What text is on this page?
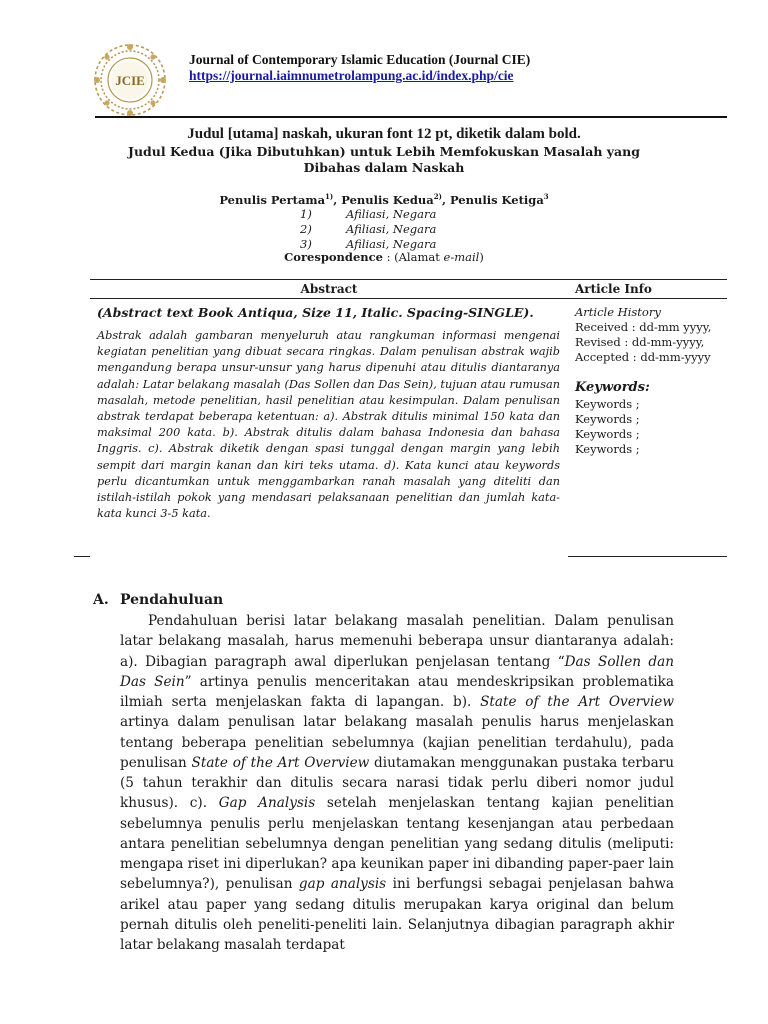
JCIE
Journal of Contemporary Islamic Education (Journal CIE)
https://journal.iaimnumetrolampung.ac.id/index.php/cie
Judul [utama] naskah, ukuran font 12 pt, diketik dalam bold.
Judul Kedua (Jika Dibutuhkan) untuk Lebih Memfokuskan Masalah yang Dibahas dalam Naskah
Penulis Pertama$^{1)}$, Penulis Kedua$^{2)}$, Penulis Ketiga$^3$
1)	Afiliasi, Negara
2)	Afiliasi, Negara
3)	Afiliasi, Negara
Corespondence : (Alamat e-mail)
Abstract	Article Info
(Abstract text Book Antiqua, Size 11, Italic. Spacing-SINGLE).
Abstrak adalah gambaran menyeluruh atau rangkuman informasi mengenai kegiatan penelitian yang dibuat secara ringkas. Dalam penulisan abstrak wajib mengandung berapa unsur-unsur yang harus dipenuhi atau ditulis diantaranya adalah: Latar belakang masalah (Das Sollen dan Das Sein), tujuan atau rumusan masalah, metode penelitian, hasil penelitian atau kesimpulan. Dalam penulisan abstrak terdapat beberapa ketentuan: a). Abstrak ditulis minimal 150 kata dan maksimal 200 kata. b). Abstrak ditulis dalam bahasa Indonesia dan bahasa Inggris. c). Abstrak diketik dengan spasi tunggal dengan margin yang lebih sempit dari margin kanan dan kiri teks utama. d). Kata kunci atau keywords perlu dicantumkan untuk menggambarkan ranah masalah yang diteliti dan istilah-istilah pokok yang mendasari pelaksanaan penelitian dan jumlah kata-kata kunci 3-5 kata.
Article History
Received : dd-mm yyyy,
Revised : dd-mm-yyyy,
Accepted : dd-mm-yyyy
Keywords:
Keywords ;
Keywords ;
Keywords ;
Keywords ;
A. Pendahuluan
Pendahuluan berisi latar belakang masalah penelitian. Dalam penulisan latar belakang masalah, harus memenuhi beberapa unsur diantaranya adalah: a). Dibagian paragraph awal diperlukan penjelasan tentang “Das Sollen dan Das Sein” artinya penulis menceritakan atau mendeskripsikan problematika ilmiah serta menjelaskan fakta di lapangan. b). State of the Art Overview artinya dalam penulisan latar belakang masalah penulis harus menjelaskan tentang beberapa penelitian sebelumnya (kajian penelitian terdahulu), pada penulisan State of the Art Overview diutamakan menggunakan pustaka terbaru (5 tahun terakhir dan ditulis secara narasi tidak perlu diberi nomor judul khusus). c). Gap Analysis setelah menjelaskan tentang kajian penelitian sebelumnya penulis perlu menjelaskan tentang kesenjangan atau perbedaan antara penelitian sebelumnya dengan penelitian yang sedang ditulis (meliputi: mengapa riset ini diperlukan? apa keunikan paper ini dibanding paper-paer lain sebelumnya?), penulisan gap analysis ini berfungsi sebagai penjelasan bahwa arikel atau paper yang sedang ditulis merupakan karya original dan belum pernah ditulis oleh peneliti-peneliti lain. Selanjutnya dibagian paragraph akhir latar belakang masalah terdapat
